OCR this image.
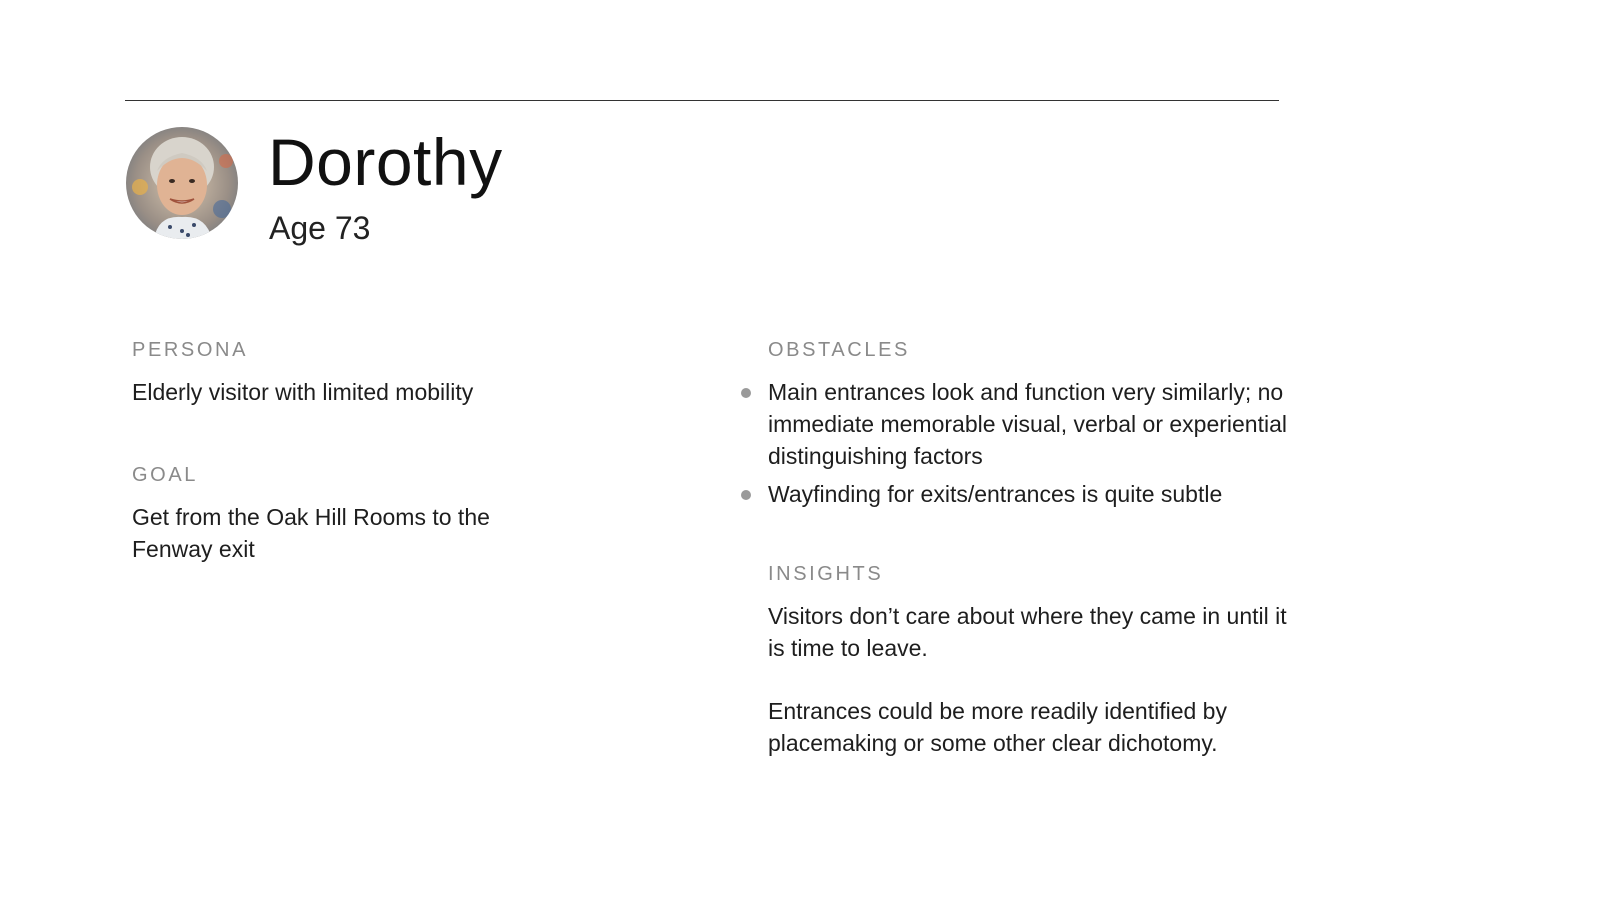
Dorothy
Age 73
PERSONA
Elderly visitor with limited mobility
GOAL
Get from the Oak Hill Rooms to the Fenway exit
OBSTACLES
Main entrances look and function very similarly; no immediate memorable visual, verbal or experiential distinguishing factors
Wayfinding for exits/entrances is quite subtle
INSIGHTS
Visitors don’t care about where they came in until it is time to leave.
Entrances could be more readily identified by placemaking or some other clear dichotomy.
